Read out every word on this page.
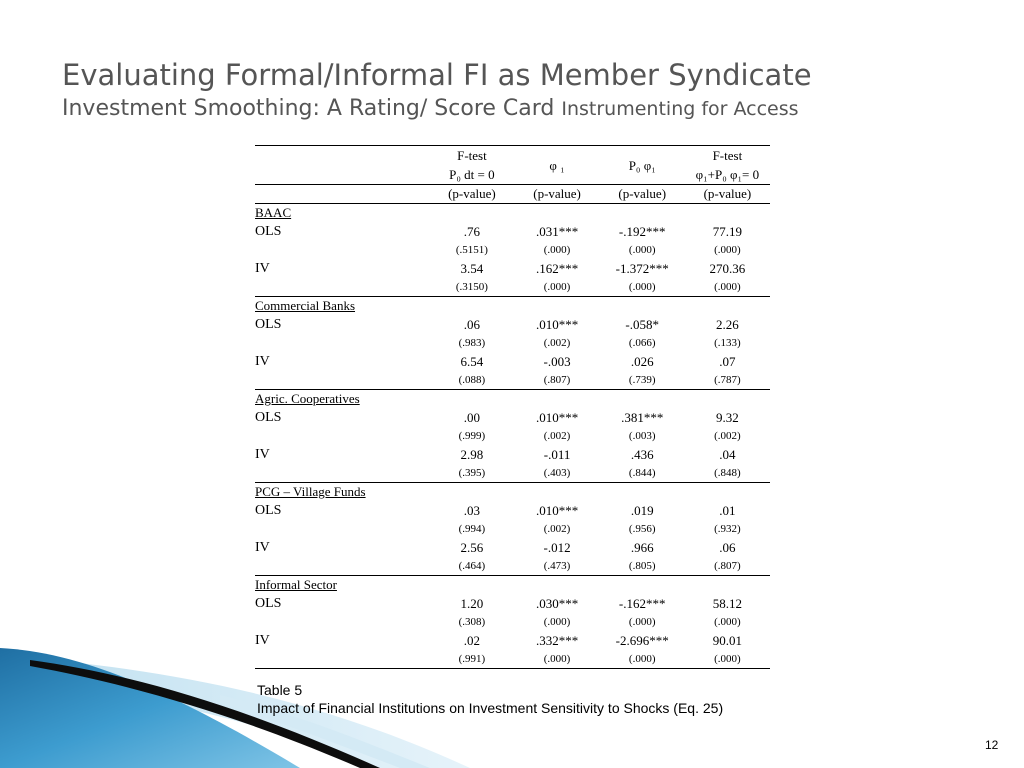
Evaluating Formal/Informal FI as Member Syndicate
Investment Smoothing: A Rating/ Score Card Instrumenting for Access
	F-test	φ ₁	P₀ φ₁	F-test
	P₀ dt = 0			φ₁+P₀ φ₁= 0
	(p-value)	(p-value)	(p-value)	(p-value)
BAAC				
OLS	.76	.031***	-.192***	77.19
	(.5151)	(.000)	(.000)	(.000)
IV	3.54	.162***	-1.372***	270.36
	(.3150)	(.000)	(.000)	(.000)
Commercial Banks				
OLS	.06	.010***	-.058*	2.26
	(.983)	(.002)	(.066)	(.133)
IV	6.54	-.003	.026	.07
	(.088)	(.807)	(.739)	(.787)
Agric. Cooperatives				
OLS	.00	.010***	.381***	9.32
	(.999)	(.002)	(.003)	(.002)
IV	2.98	-.011	.436	.04
	(.395)	(.403)	(.844)	(.848)
PCG – Village Funds				
OLS	.03	.010***	.019	.01
	(.994)	(.002)	(.956)	(.932)
IV	2.56	-.012	.966	.06
	(.464)	(.473)	(.805)	(.807)
Informal Sector				
OLS	1.20	.030***	-.162***	58.12
	(.308)	(.000)	(.000)	(.000)
IV	.02	.332***	-2.696***	90.01
	(.991)	(.000)	(.000)	(.000)
Table 5
Impact of Financial Institutions on Investment Sensitivity to Shocks (Eq. 25)
12
